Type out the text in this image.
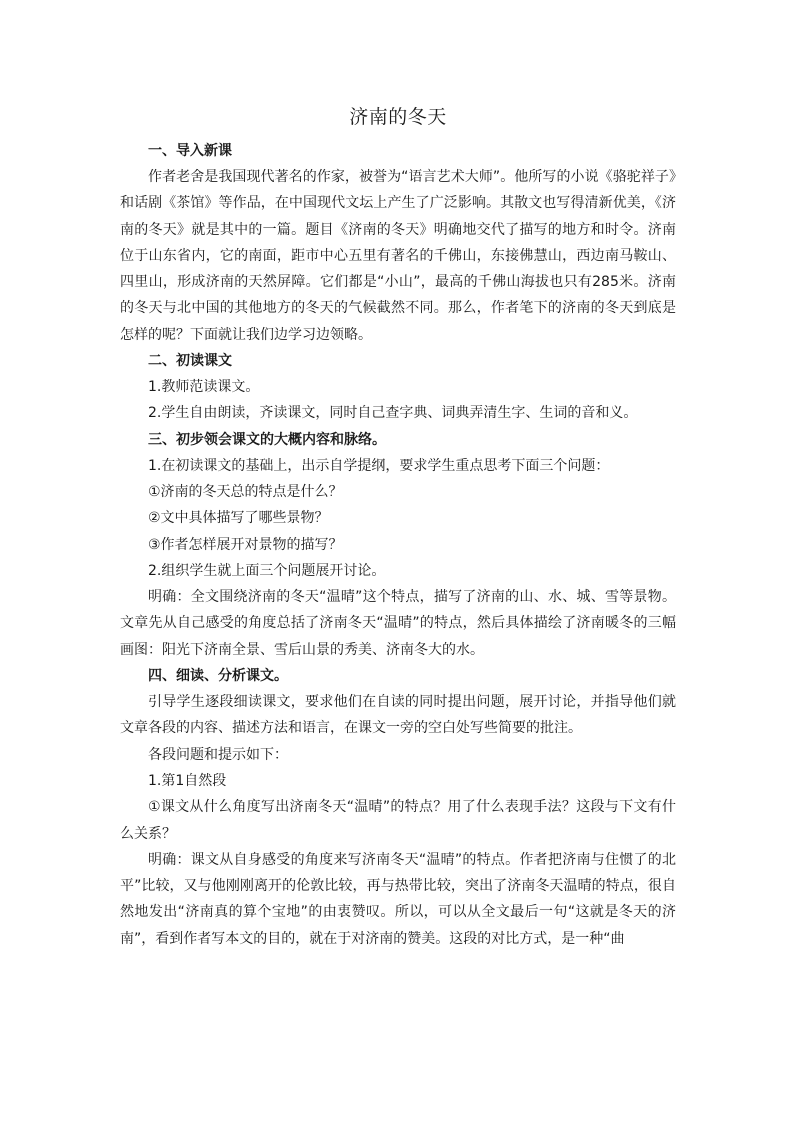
济南的冬天
一、导入新课

作者老舍是我国现代著名的作家，被誉为“语言艺术大师”。他所写的小说《骆驼祥子》和话剧《茶馆》等作品，在中国现代文坛上产生了广泛影响。其散文也写得清新优美，《济南的冬天》就是其中的一篇。题目《济南的冬天》明确地交代了描写的地方和时令。济南位于山东省内，它的南面，距市中心五里有著名的千佛山，东接佛慧山，西边南马鞍山、四里山，形成济南的天然屏障。它们都是“小山”，最高的千佛山海拔也只有285米。济南的冬天与北中国的其他地方的冬天的气候截然不同。那么，作者笔下的济南的冬天到底是怎样的呢？下面就让我们边学习边领略。

二、初读课文

1.教师范读课文。

2.学生自由朗读，齐读课文，同时自己查字典、词典弄清生字、生词的音和义。

三、初步领会课文的大概内容和脉络。

1.在初读课文的基础上，出示自学提纲，要求学生重点思考下面三个问题：

①济南的冬天总的特点是什么？

②文中具体描写了哪些景物？

③作者怎样展开对景物的描写？

2.组织学生就上面三个问题展开讨论。

明确：全文围绕济南的冬天“温晴”这个特点，描写了济南的山、水、城、雪等景物。文章先从自己感受的角度总括了济南冬天“温晴”的特点，然后具体描绘了济南暖冬的三幅画图：阳光下济南全景、雪后山景的秀美、济南冬大的水。

四、细读、分析课文。

引导学生逐段细读课文，要求他们在自读的同时提出问题，展开讨论，并指导他们就文章各段的内容、描述方法和语言，在课文一旁的空白处写些简要的批注。

各段问题和提示如下：

1.第1自然段

①课文从什么角度写出济南冬天“温晴”的特点？用了什么表现手法？这段与下文有什么关系？

明确：课文从自身感受的角度来写济南冬天“温晴”的特点。作者把济南与住惯了的北平”比较，又与他刚刚离开的伦敦比较，再与热带比较，突出了济南冬天温晴的特点，很自然地发出“济南真的算个宝地”的由衷赞叹。所以，可以从全文最后一句“这就是冬天的济南”，看到作者写本文的目的，就在于对济南的赞美。这段的对比方式，是一种“曲
